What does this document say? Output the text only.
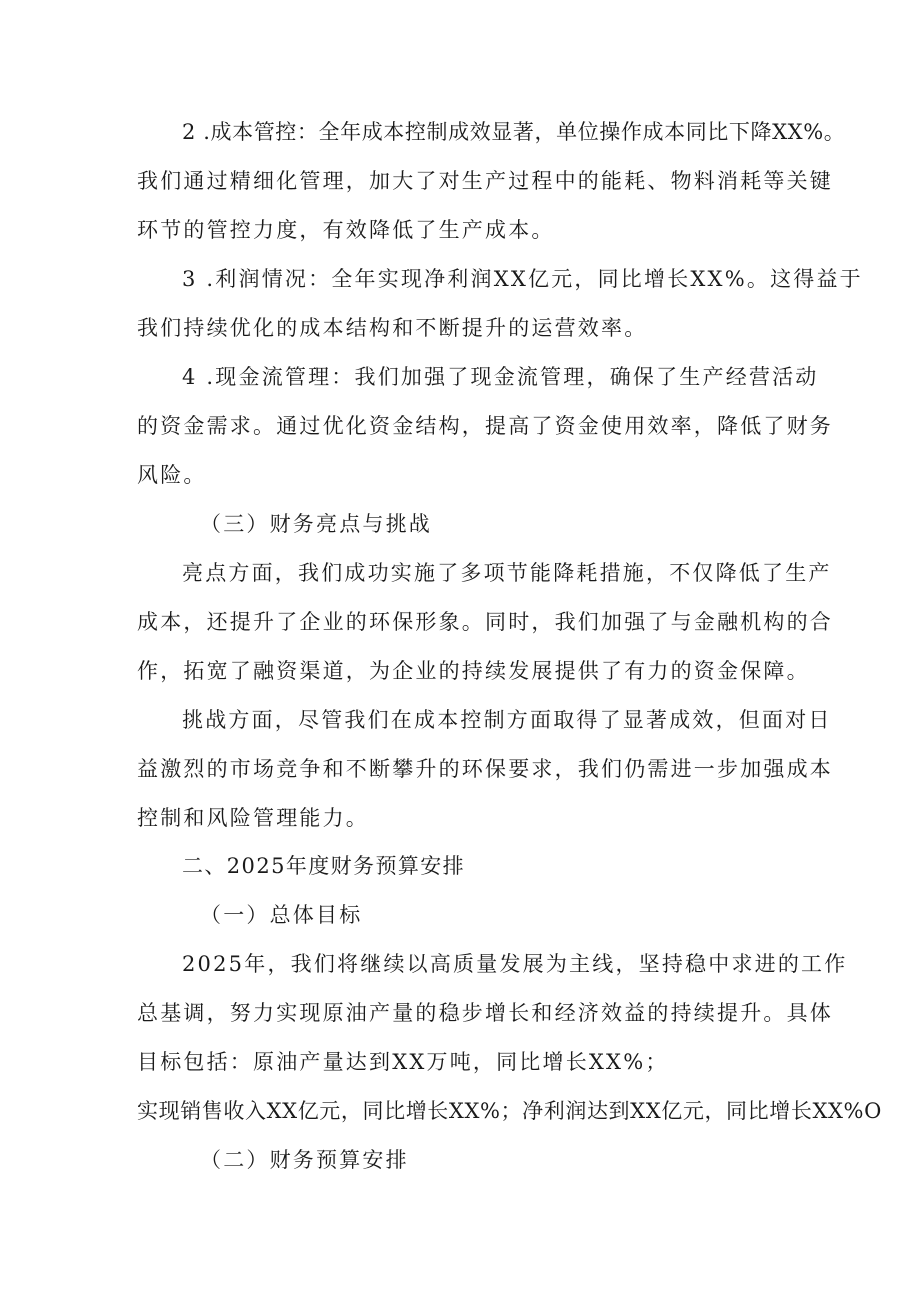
2 .成本管控：全年成本控制成效显著，单位操作成本同比下降XX%。
我们通过精细化管理，加大了对生产过程中的能耗、物料消耗等关键
环节的管控力度，有效降低了生产成本。
3 .利润情况：全年实现净利润XX亿元，同比增长XX%。这得益于
我们持续优化的成本结构和不断提升的运营效率。
4 .现金流管理：我们加强了现金流管理，确保了生产经营活动
的资金需求。通过优化资金结构，提高了资金使用效率，降低了财务
风险。
（三）财务亮点与挑战
亮点方面，我们成功实施了多项节能降耗措施，不仅降低了生产
成本，还提升了企业的环保形象。同时，我们加强了与金融机构的合
作，拓宽了融资渠道，为企业的持续发展提供了有力的资金保障。
挑战方面，尽管我们在成本控制方面取得了显著成效，但面对日
益激烈的市场竞争和不断攀升的环保要求，我们仍需进一步加强成本
控制和风险管理能力。
二、2025年度财务预算安排
（一）总体目标
2025年，我们将继续以高质量发展为主线，坚持稳中求进的工作
总基调，努力实现原油产量的稳步增长和经济效益的持续提升。具体
目标包括：原油产量达到XX万吨，同比增长XX%；
实现销售收入XX亿元，同比增长XX%；净利润达到XX亿元，同比增长XX%O
（二）财务预算安排
